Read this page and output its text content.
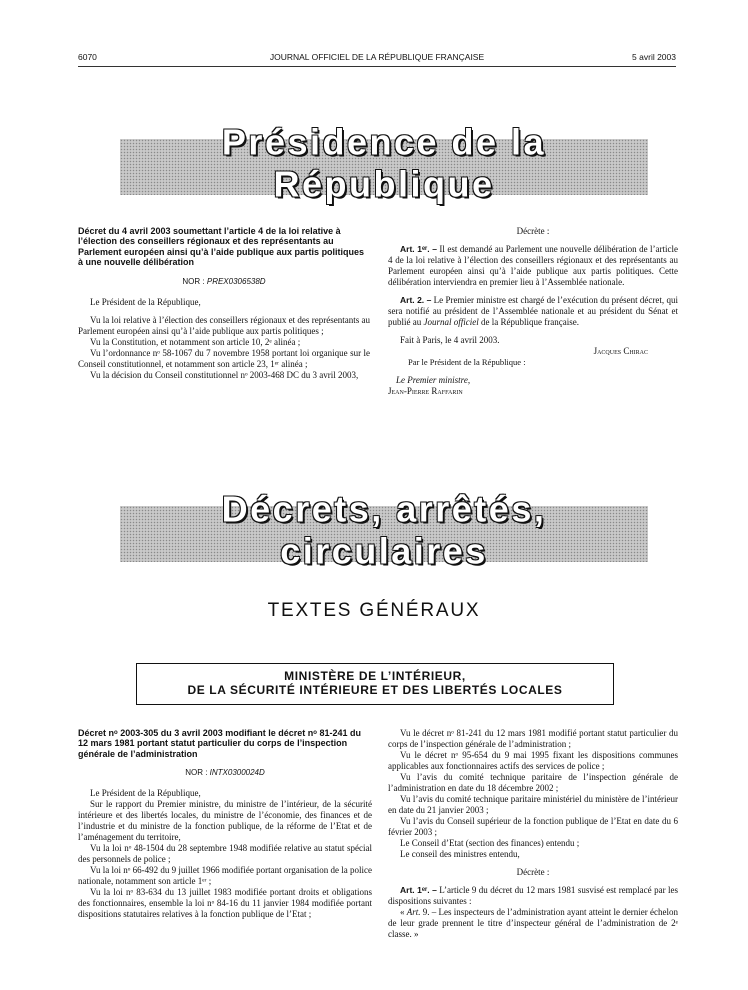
6070	JOURNAL OFFICIEL DE LA RÉPUBLIQUE FRANÇAISE	5 avril 2003
Présidence de la République
Décret du 4 avril 2003 soumettant l’article 4 de la loi relative à l’élection des conseillers régionaux et des représentants au Parlement européen ainsi qu’à l’aide publique aux partis politiques à une nouvelle délibération
NOR : PREX0306538D

Le Président de la République,

Vu la loi relative à l’élection des conseillers régionaux et des représentants au Parlement européen ainsi qu’à l’aide publique aux partis politiques ;

Vu la Constitution, et notamment son article 10, 2ᵉ alinéa ;

Vu l’ordonnance nᵒ 58-1067 du 7 novembre 1958 portant loi organique sur le Conseil constitutionnel, et notamment son article 23, 1ᵉʳ alinéa ;

Vu la décision du Conseil constitutionnel nᵒ 2003-468 DC du 3 avril 2003,

Décrète :

Art. 1ᵉʳ. – Il est demandé au Parlement une nouvelle délibération de l’article 4 de la loi relative à l’élection des conseillers régionaux et des représentants au Parlement européen ainsi qu’à l’aide publique aux partis politiques. Cette délibération interviendra en premier lieu à l’Assemblée nationale.

Art. 2. – Le Premier ministre est chargé de l’exécution du présent décret, qui sera notifié au président de l’Assemblée nationale et au président du Sénat et publié au Journal officiel de la République française.

Fait à Paris, le 4 avril 2003.

Jacques Chirac

Par le Président de la République :

Le Premier ministre,

Jean-Pierre Raffarin

Décrets, arrêtés, circulaires
TEXTES GÉNÉRAUX
MINISTÈRE DE L’INTÉRIEUR,
DE LA SÉCURITÉ INTÉRIEURE ET DES LIBERTÉS LOCALES
Décret nᵒ 2003-305 du 3 avril 2003 modifiant le décret nᵒ 81-241 du 12 mars 1981 portant statut particulier du corps de l’inspection générale de l’administration
NOR : INTX0300024D

Le Président de la République,

Sur le rapport du Premier ministre, du ministre de l’intérieur, de la sécurité intérieure et des libertés locales, du ministre de l’économie, des finances et de l’industrie et du ministre de la fonction publique, de la réforme de l’Etat et de l’aménagement du territoire,

Vu la loi nᵒ 48-1504 du 28 septembre 1948 modifiée relative au statut spécial des personnels de police ;

Vu la loi nᵒ 66-492 du 9 juillet 1966 modifiée portant organisation de la police nationale, notamment son article 1ᵉʳ ;

Vu la loi nᵒ 83-634 du 13 juillet 1983 modifiée portant droits et obligations des fonctionnaires, ensemble la loi nᵒ 84-16 du 11 janvier 1984 modifiée portant dispositions statutaires relatives à la fonction publique de l’Etat ;

Vu le décret nᵒ 81-241 du 12 mars 1981 modifié portant statut particulier du corps de l’inspection générale de l’administration ;

Vu le décret nᵒ 95-654 du 9 mai 1995 fixant les dispositions communes applicables aux fonctionnaires actifs des services de police ;

Vu l’avis du comité technique paritaire de l’inspection générale de l’administration en date du 18 décembre 2002 ;

Vu l’avis du comité technique paritaire ministériel du ministère de l’intérieur en date du 21 janvier 2003 ;

Vu l’avis du Conseil supérieur de la fonction publique de l’Etat en date du 6 février 2003 ;

Le Conseil d’Etat (section des finances) entendu ;

Le conseil des ministres entendu,

Décrète :

Art. 1ᵉʳ. – L’article 9 du décret du 12 mars 1981 susvisé est remplacé par les dispositions suivantes :

« Art. 9. – Les inspecteurs de l’administration ayant atteint le dernier échelon de leur grade prennent le titre d’inspecteur général de l’administration de 2ᵉ classe. »
